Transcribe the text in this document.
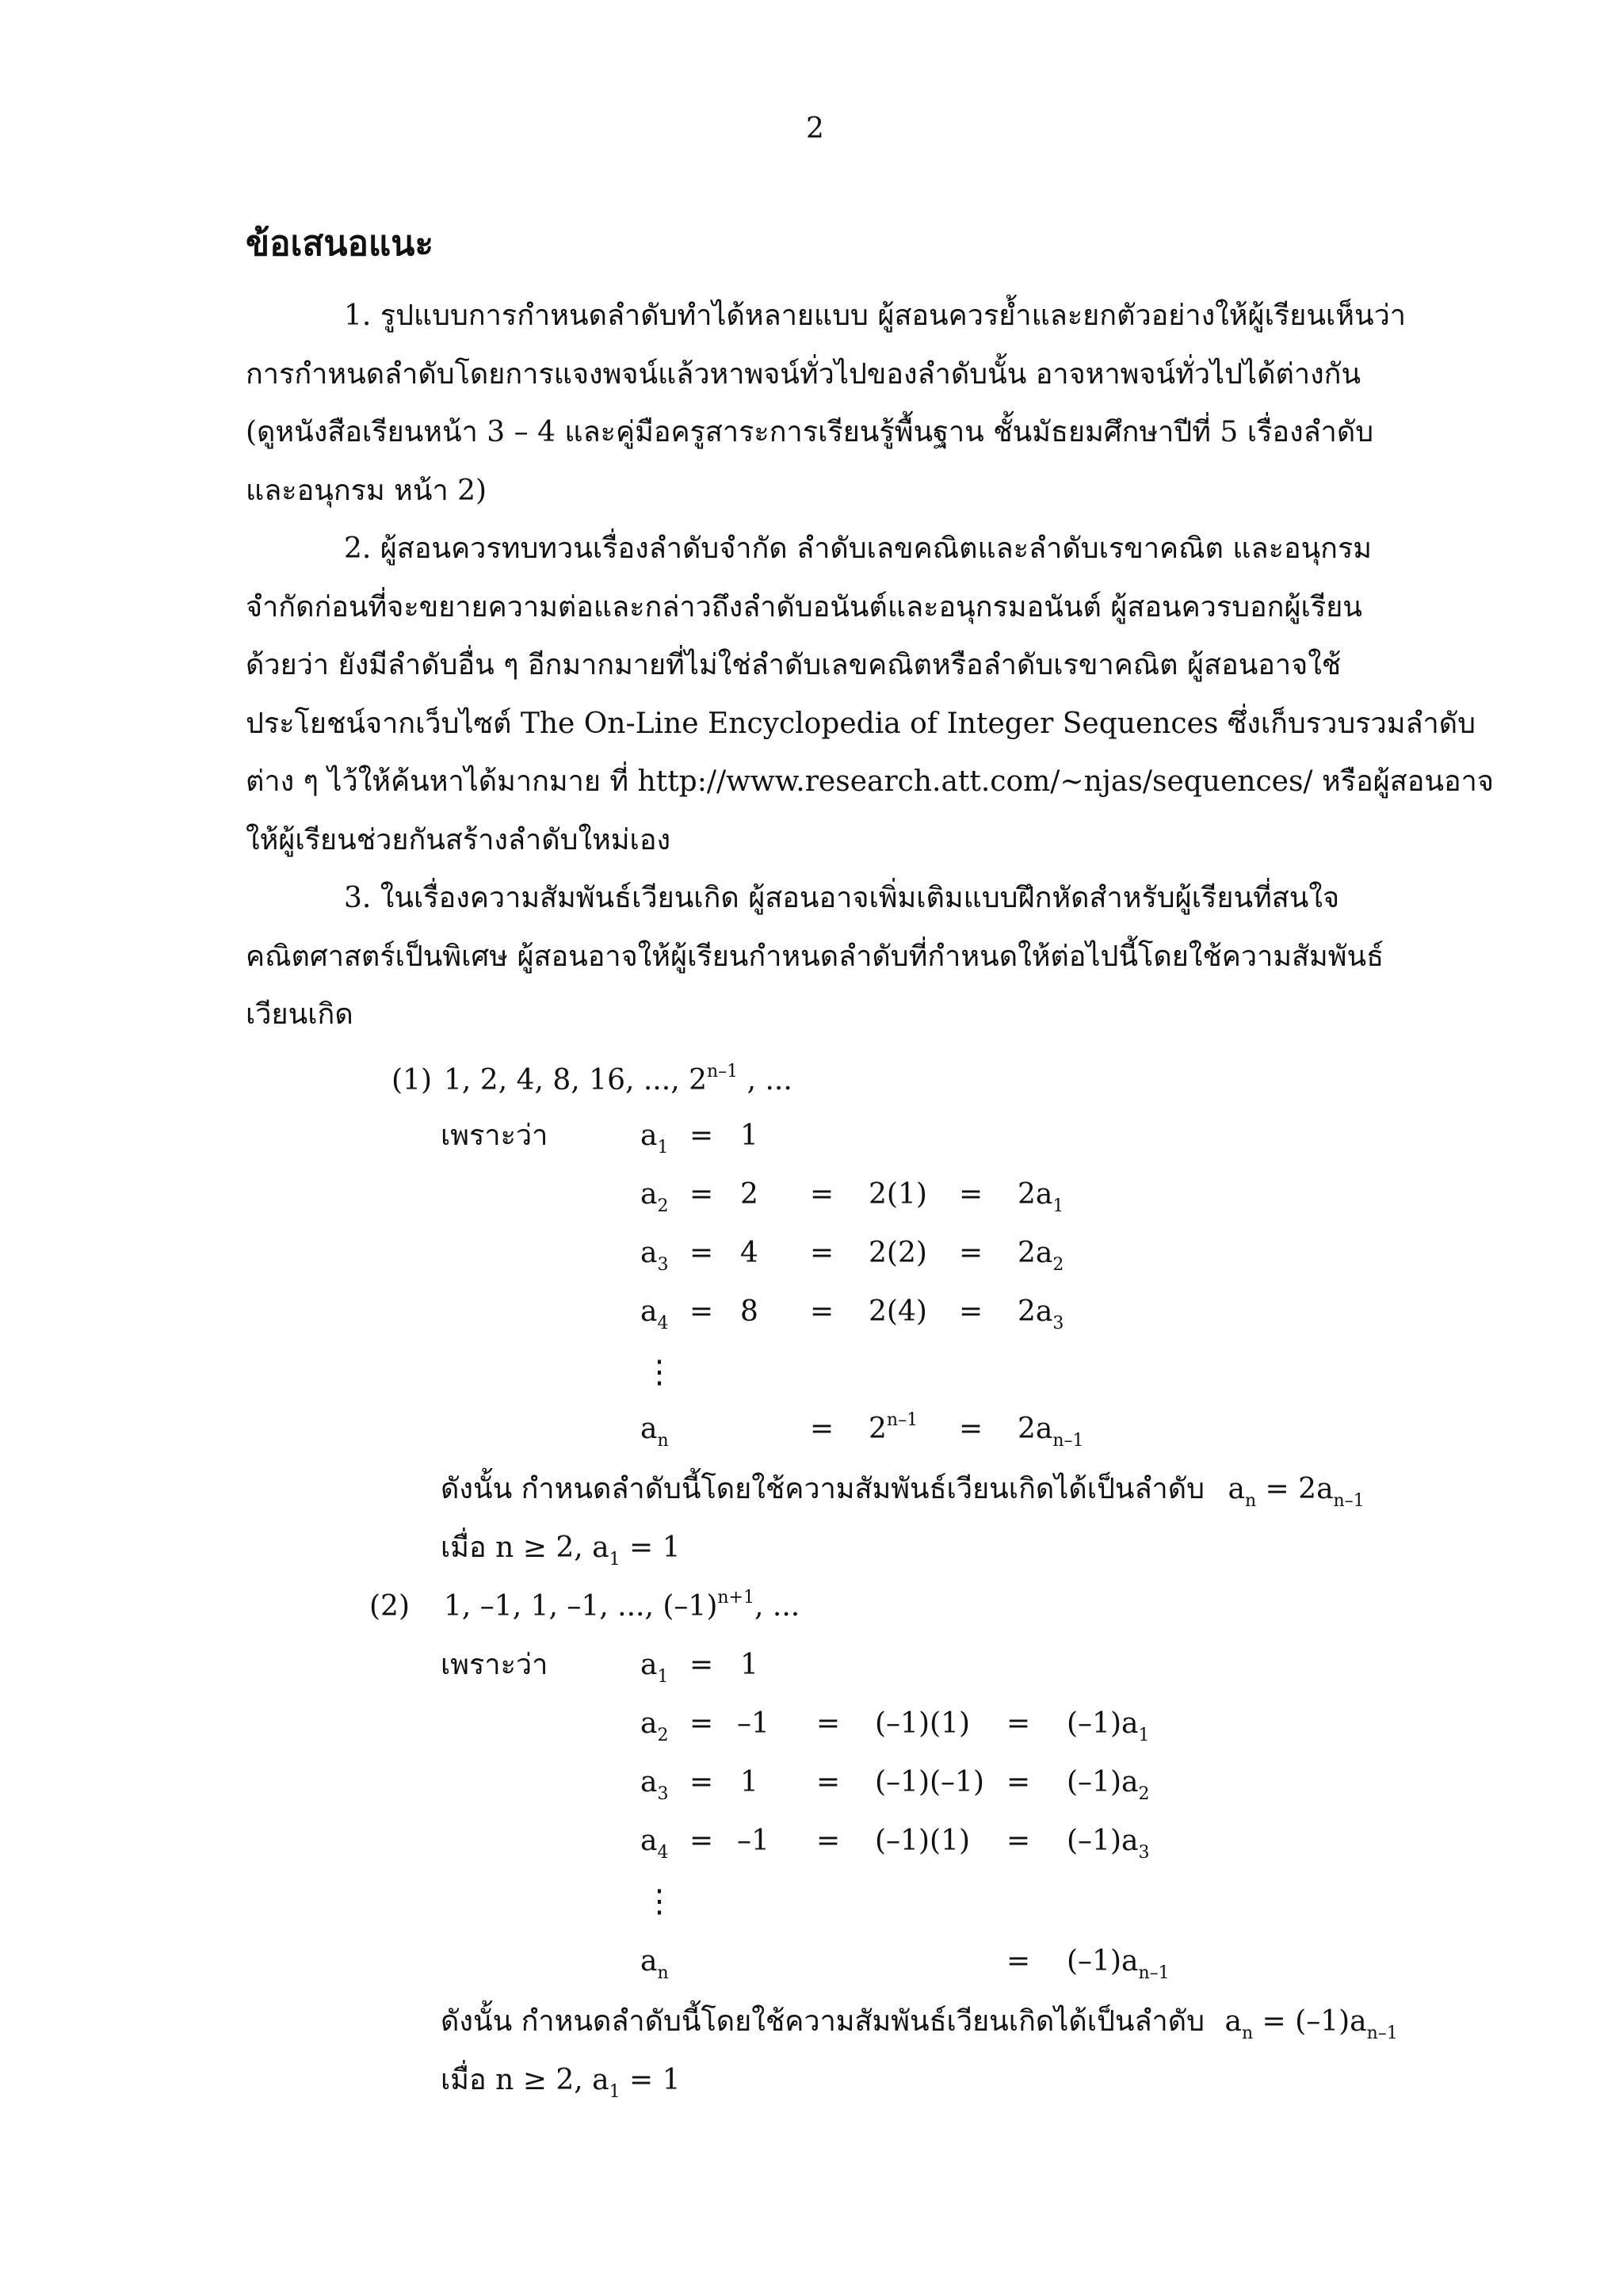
2
ข้อเสนอแนะ
1. รูปแบบการกำหนดลำดับทำได้หลายแบบ ผู้สอนควรย้ำและยกตัวอย่างให้ผู้เรียนเห็นว่า
การกำหนดลำดับโดยการแจงพจน์แล้วหาพจน์ทั่วไปของลำดับนั้น อาจหาพจน์ทั่วไปได้ต่างกัน
(ดูหนังสือเรียนหน้า 3 – 4 และคู่มือครูสาระการเรียนรู้พื้นฐาน ชั้นมัธยมศึกษาปีที่ 5 เรื่องลำดับ
และอนุกรม หน้า 2)
2. ผู้สอนควรทบทวนเรื่องลำดับจำกัด ลำดับเลขคณิตและลำดับเรขาคณิต และอนุกรม
จำกัดก่อนที่จะขยายความต่อและกล่าวถึงลำดับอนันต์และอนุกรมอนันต์ ผู้สอนควรบอกผู้เรียน
ด้วยว่า ยังมีลำดับอื่น ๆ อีกมากมายที่ไม่ใช่ลำดับเลขคณิตหรือลำดับเรขาคณิต ผู้สอนอาจใช้
ประโยชน์จากเว็บไซต์ The On-Line Encyclopedia of Integer Sequences ซึ่งเก็บรวบรวมลำดับ
ต่าง ๆ ไว้ให้ค้นหาได้มากมาย ที่ http://www.research.att.com/~njas/sequences/ หรือผู้สอนอาจ
ให้ผู้เรียนช่วยกันสร้างลำดับใหม่เอง
3. ในเรื่องความสัมพันธ์เวียนเกิด ผู้สอนอาจเพิ่มเติมแบบฝึกหัดสำหรับผู้เรียนที่สนใจ
คณิตศาสตร์เป็นพิเศษ ผู้สอนอาจให้ผู้เรียนกำหนดลำดับที่กำหนดให้ต่อไปนี้โดยใช้ความสัมพันธ์
เวียนเกิด
(1) 1, 2, 4, 8, 16, ..., 2$^{n-1}$ , ...
เพราะว่า	$a_1 = 1$
$a_2 = 2 = 2(1) = 2a_1$
$a_3 = 4 = 2(2) = 2a_2$
$a_4 = 8 = 2(4) = 2a_3$
⋮
$a_n$	= $2^{n-1} = 2a_{n-1}$
ดังนั้น กำหนดลำดับนี้โดยใช้ความสัมพันธ์เวียนเกิดได้เป็นลำดับ $a_n = 2a_{n-1}$
เมื่อ n ≥ 2, $a_1 = 1$
(2) 1, –1, 1, –1, ..., $(-1)^{n+1}$, ...
เพราะว่า	$a_1 = 1$
$a_2 = -1 = (-1)(1) = (-1)a_1$
$a_3 = 1 = (-1)(-1) = (-1)a_2$
$a_4 = -1 = (-1)(1) = (-1)a_3$
⋮
$a_n$	= $(-1)a_{n-1}$
ดังนั้น กำหนดลำดับนี้โดยใช้ความสัมพันธ์เวียนเกิดได้เป็นลำดับ $a_n = (-1)a_{n-1}$
เมื่อ n ≥ 2, $a_1 = 1$
